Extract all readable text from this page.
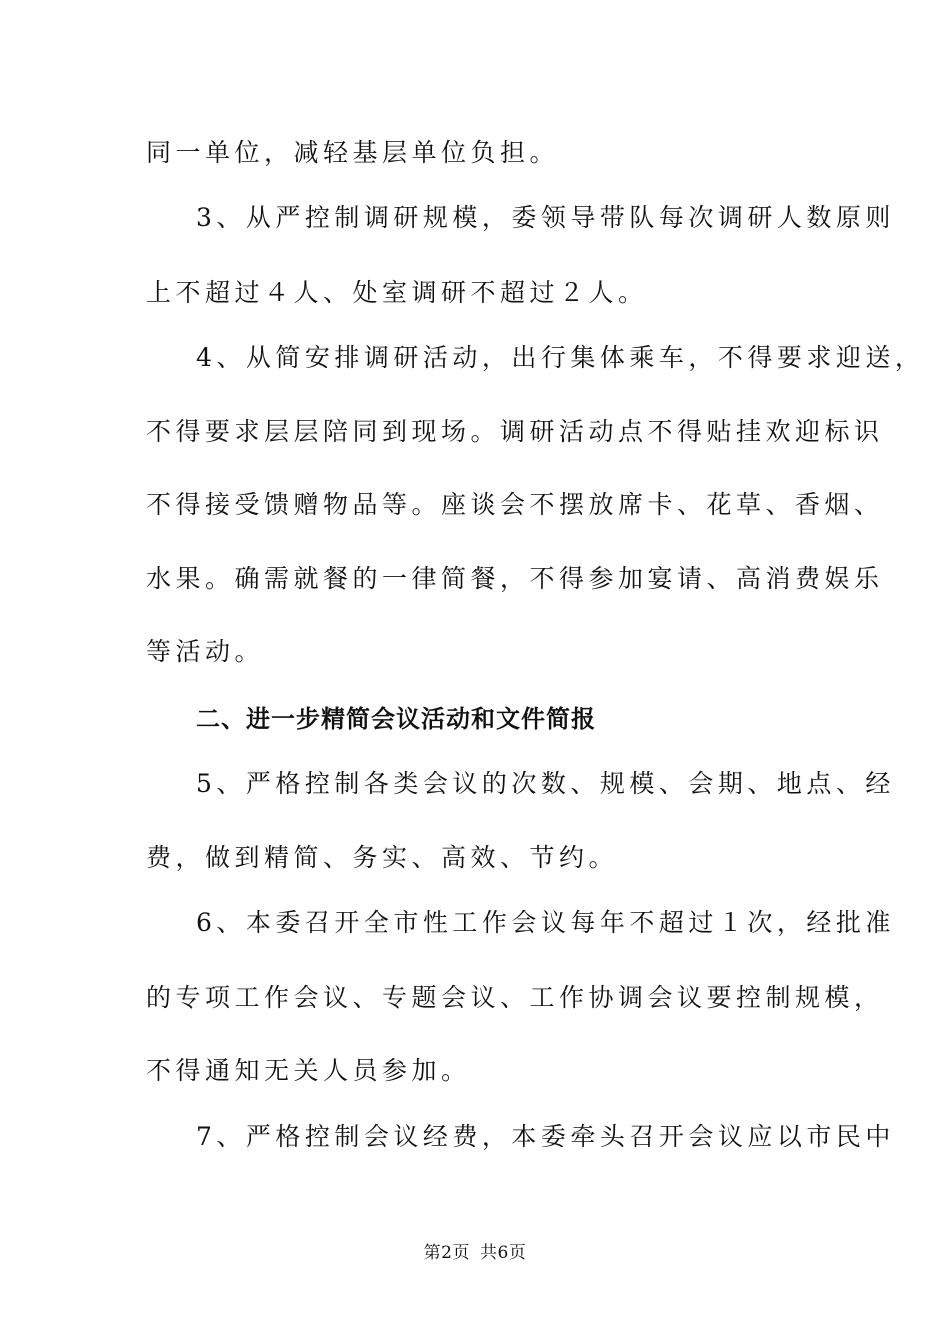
同一单位，减轻基层单位负担。
3、从严控制调研规模，委领导带队每次调研人数原则
上不超过４人、处室调研不超过２人。
4、从简安排调研活动，出行集体乘车，不得要求迎送，
不得要求层层陪同到现场。调研活动点不得贴挂欢迎标识
不得接受馈赠物品等。座谈会不摆放席卡、花草、香烟、
水果。确需就餐的一律简餐，不得参加宴请、高消费娱乐
等活动。
二、进一步精简会议活动和文件简报
5、严格控制各类会议的次数、规模、会期、地点、经
费，做到精简、务实、高效、节约。
6、本委召开全市性工作会议每年不超过１次，经批准
的专项工作会议、专题会议、工作协调会议要控制规模，
不得通知无关人员参加。
7、严格控制会议经费，本委牵头召开会议应以市民中
第2页 共6页
